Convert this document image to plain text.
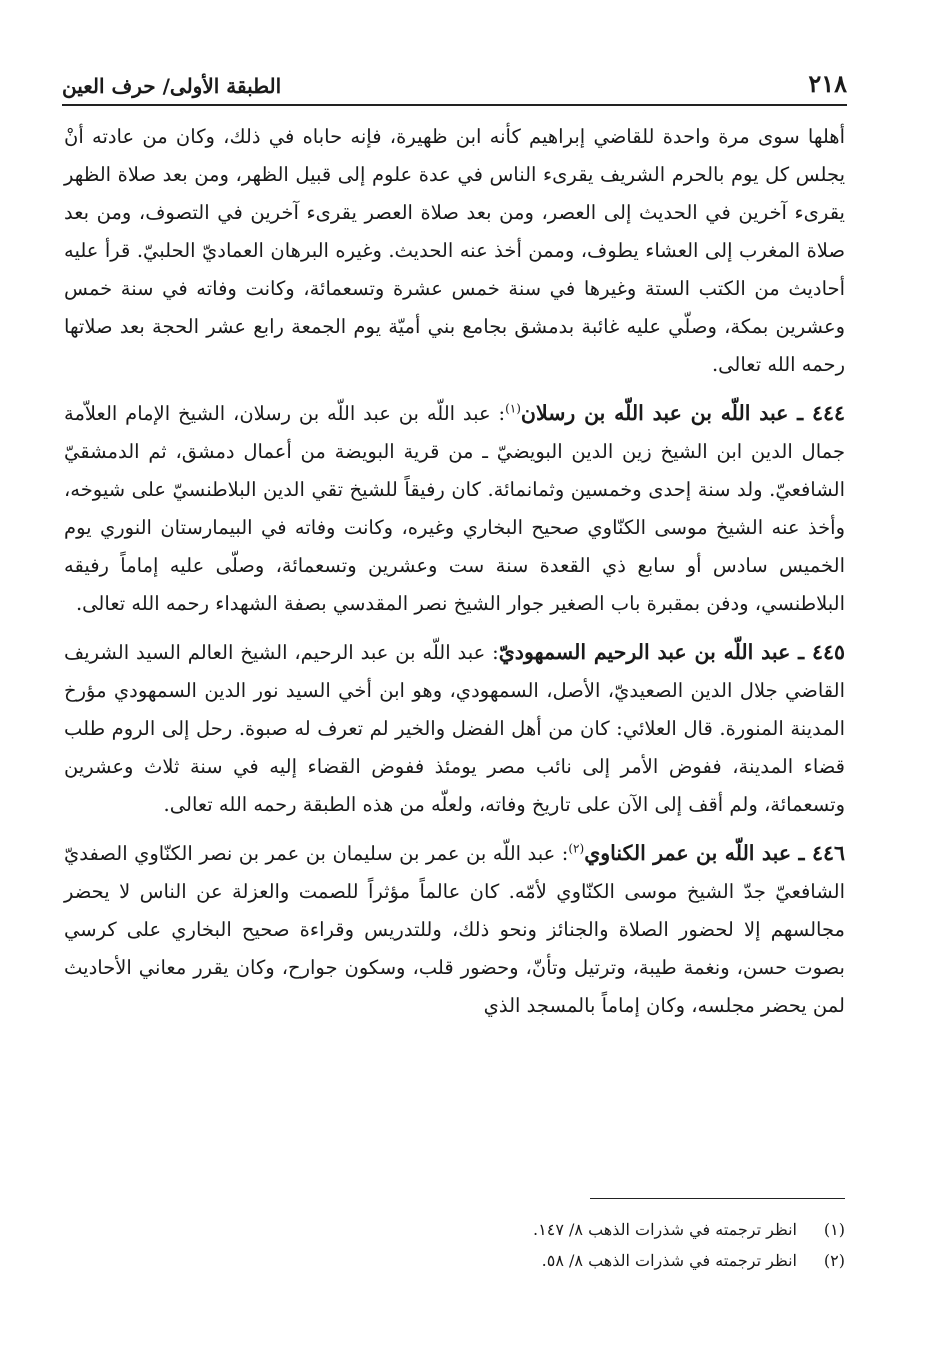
٢١٨
الطبقة الأولى/ حرف العين

أهلها سوى مرة واحدة للقاضي إبراهيم كأنه ابن ظهيرة، فإنه حاباه في ذلك، وكان من عادته أنْ يجلس كل يوم بالحرم الشريف يقرىء الناس في عدة علوم إلى قبيل الظهر، ومن بعد صلاة الظهر يقرىء آخرين في الحديث إلى العصر، ومن بعد صلاة العصر يقرىء آخرين في التصوف، ومن بعد صلاة المغرب إلى العشاء يطوف، وممن أخذ عنه الحديث. وغيره البرهان العماديّ الحلبيّ. قرأ عليه أحاديث من الكتب الستة وغيرها في سنة خمس عشرة وتسعمائة، وكانت وفاته في سنة خمس وعشرين بمكة، وصلّي عليه غائبة بدمشق بجامع بني أميّة يوم الجمعة رابع عشر الحجة بعد صلاتها رحمه الله تعالى.

٤٤٤ ـ عبد اللّه بن عبد اللّه بن رسلان$^{(١)}$: عبد اللّه بن عبد اللّه بن رسلان، الشيخ الإمام العلاّمة جمال الدين ابن الشيخ زين الدين البويضيّ ـ من قرية البويضة من أعمال دمشق، ثم الدمشقيّ الشافعيّ. ولد سنة إحدى وخمسين وثمانمائة. كان رفيقاً للشيخ تقي الدين البلاطنسيّ على شيوخه، وأخذ عنه الشيخ موسى الكنّاوي صحيح البخاري وغيره، وكانت وفاته في البيمارستان النوري يوم الخميس سادس أو سابع ذي القعدة سنة ست وعشرين وتسعمائة، وصلّى عليه إماماً رفيقه البلاطنسي، ودفن بمقبرة باب الصغير جوار الشيخ نصر المقدسي بصفة الشهداء رحمه الله تعالى.

٤٤٥ ـ عبد اللّه بن عبد الرحيم السمهوديّ: عبد اللّه بن عبد الرحيم، الشيخ العالم السيد الشريف القاضي جلال الدين الصعيديّ، الأصل، السمهودي، وهو ابن أخي السيد نور الدين السمهودي مؤرخ المدينة المنورة. قال العلائي: كان من أهل الفضل والخير لم تعرف له صبوة. رحل إلى الروم طلب قضاء المدينة، ففوض الأمر إلى نائب مصر يومئذ ففوض القضاء إليه في سنة ثلاث وعشرين وتسعمائة، ولم أقف إلى الآن على تاريخ وفاته، ولعلّه من هذه الطبقة رحمه الله تعالى.

٤٤٦ ـ عبد اللّه بن عمر الكناوي$^{(٢)}$: عبد اللّه بن عمر بن سليمان بن عمر بن نصر الكنّاوي الصفديّ الشافعيّ جدّ الشيخ موسى الكنّاوي لأمّه. كان عالماً مؤثراً للصمت والعزلة عن الناس لا يحضر مجالسهم إلا لحضور الصلاة والجنائز ونحو ذلك، وللتدريس وقراءة صحيح البخاري على كرسي بصوت حسن، ونغمة طيبة، وترتيل وتأنّ، وحضور قلب، وسكون جوارح، وكان يقرر معاني الأحاديث لمن يحضر مجلسه، وكان إماماً بالمسجد الذي

(١)
انظر ترجمته في شذرات الذهب ٨/ ١٤٧.
(٢)
انظر ترجمته في شذرات الذهب ٨/ ٥٨.
